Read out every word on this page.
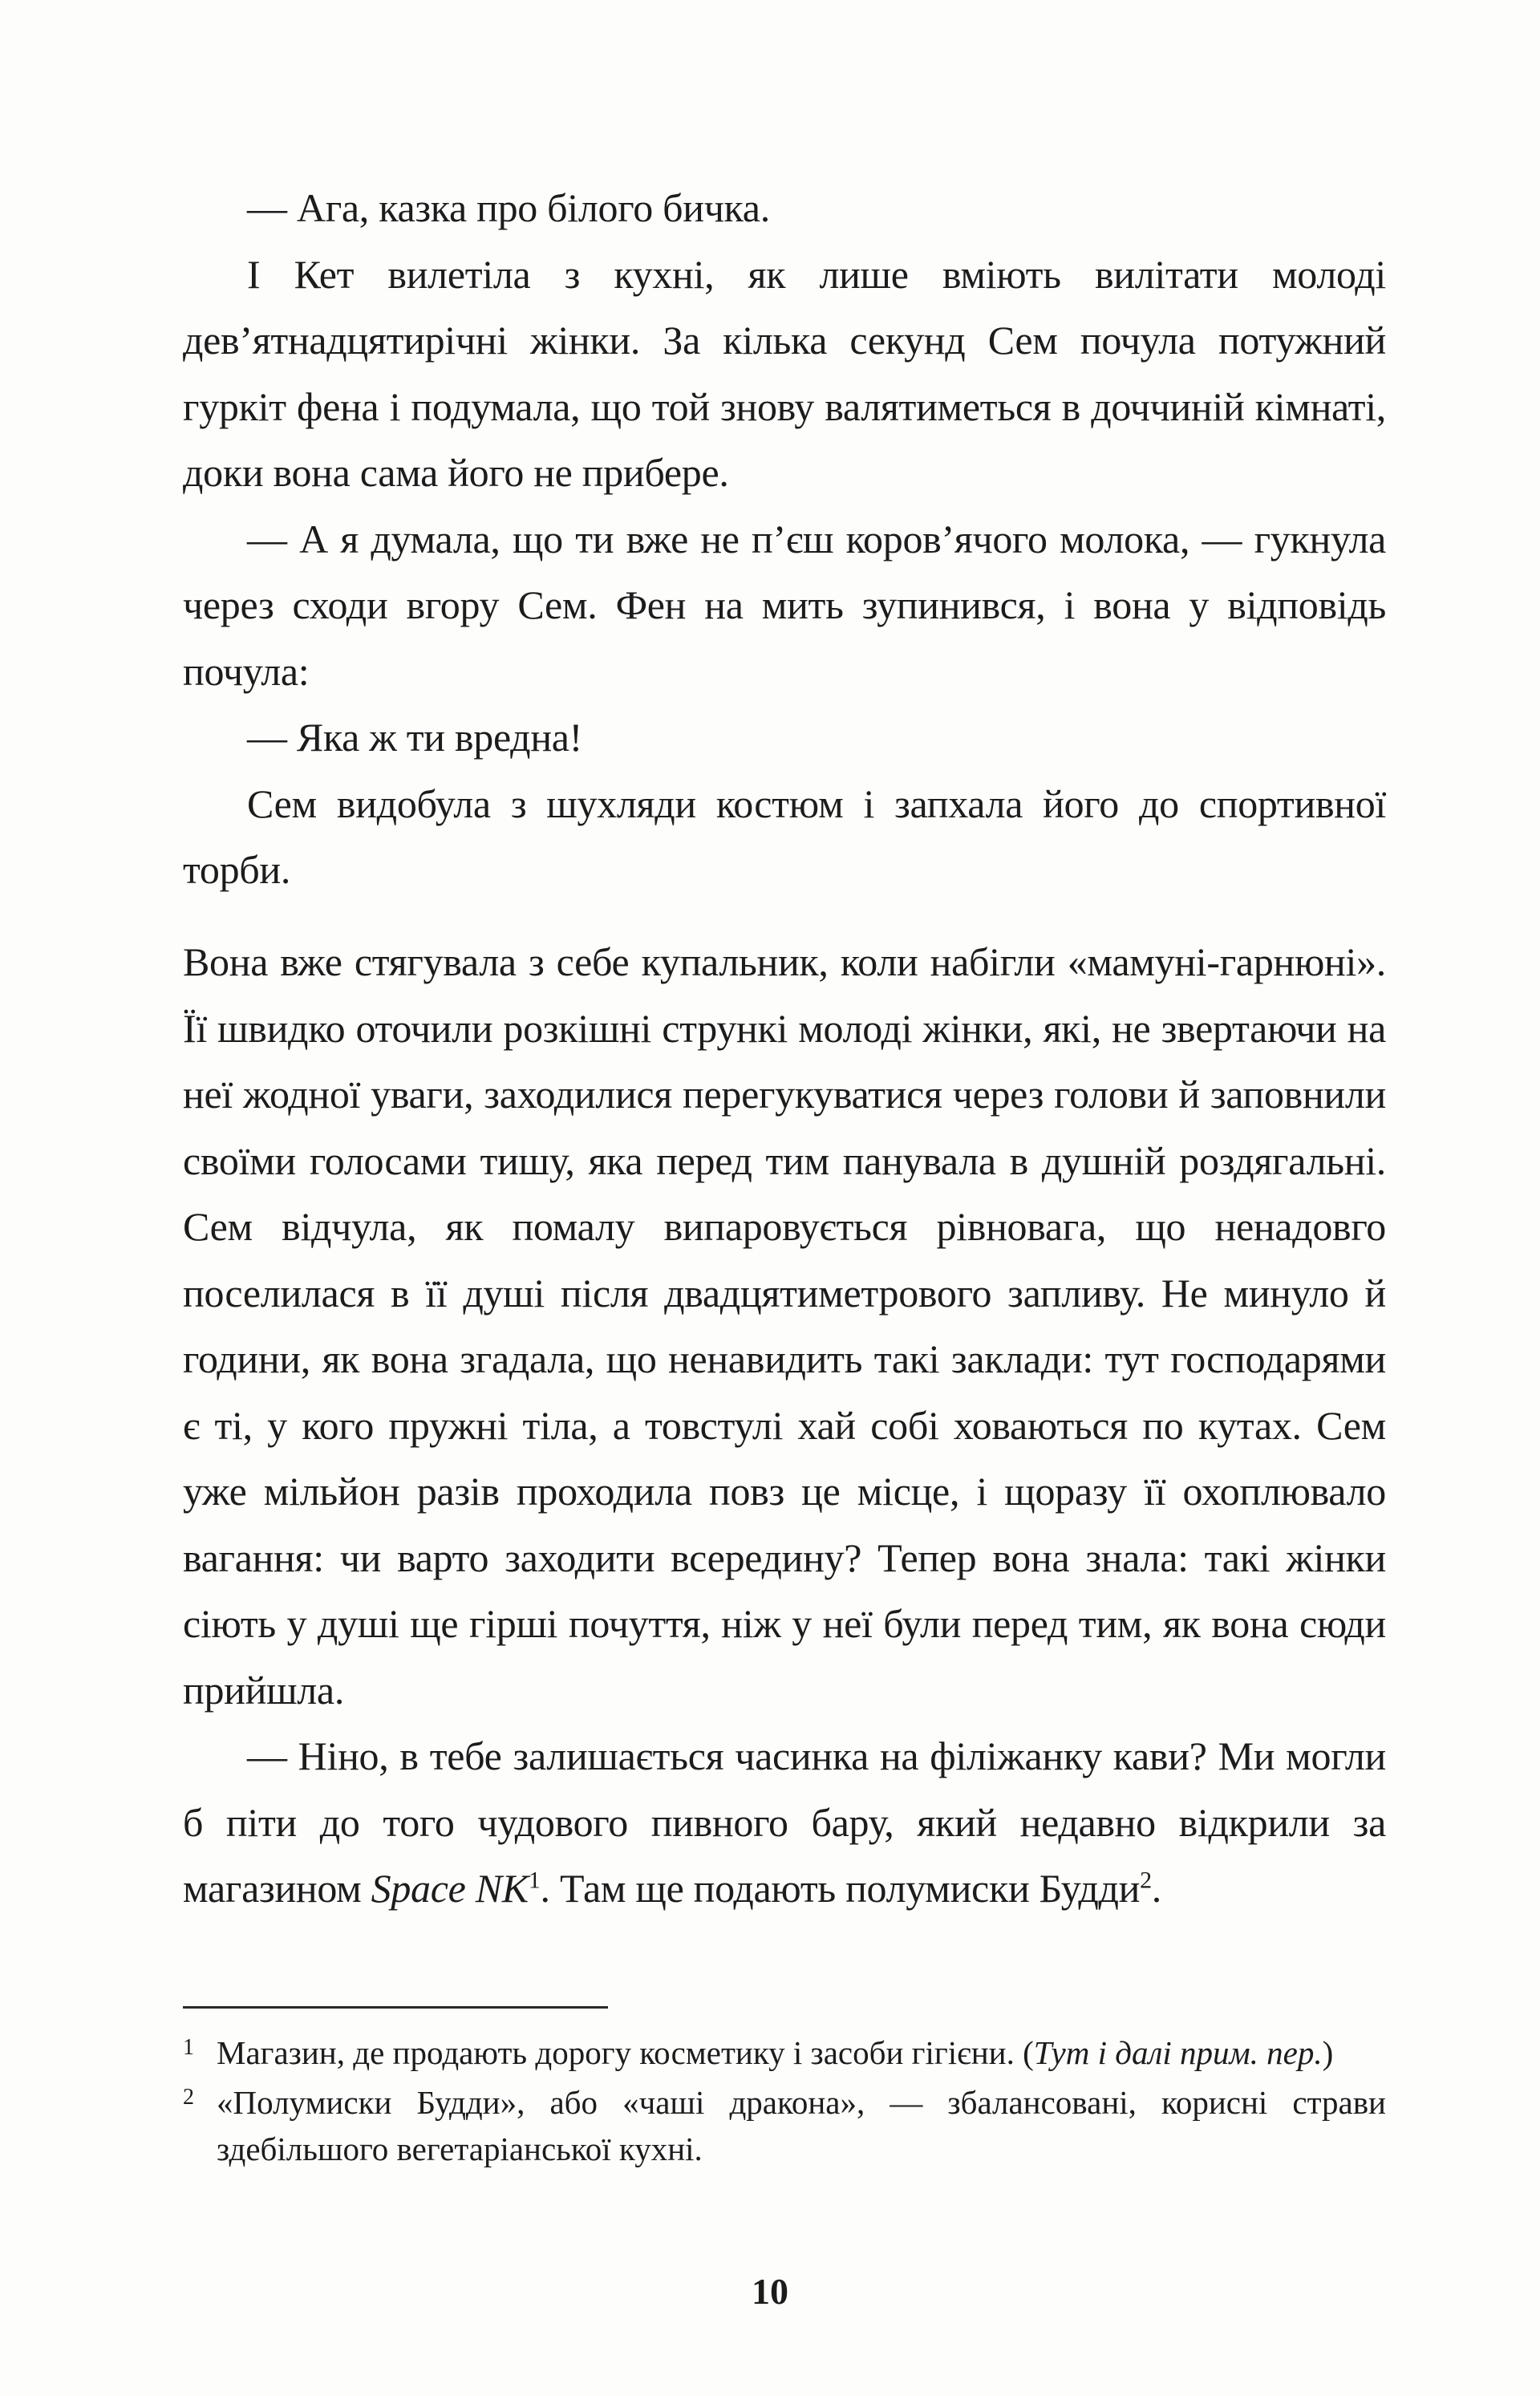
— Ага, казка про білого бичка.

І Кет вилетіла з кухні, як лише вміють вилітати молоді дев’ятнадцятирічні жінки. За кілька секунд Сем почула потужний гуркіт фена і подумала, що той знову валятиметься в доччиній кімнаті, доки вона сама його не прибере.

— А я думала, що ти вже не п’єш коров’ячого молока, — гукнула через сходи вгору Сем. Фен на мить зупинився, і вона у відповідь почула:

— Яка ж ти вредна!

Сем видобула з шухляди костюм і запхала його до спортивної торби.

Вона вже стягувала з себе купальник, коли набігли «мамуні-гарнюні». Її швидко оточили розкішні стрункі молоді жінки, які, не звертаючи на неї жодної уваги, заходилися перегукуватися через голови й заповнили своїми голосами тишу, яка перед тим панувала в душній роздягальні. Сем відчула, як помалу випаровується рівновага, що ненадовго поселилася в її душі після двадцятиметрового запливу. Не минуло й години, як вона згадала, що ненавидить такі заклади: тут господарями є ті, у кого пружні тіла, а товстулі хай собі ховаються по кутах. Сем уже мільйон разів проходила повз це місце, і щоразу її охоплювало вагання: чи варто заходити всередину? Тепер вона знала: такі жінки сіють у душі ще гірші почуття, ніж у неї були перед тим, як вона сюди прийшла.

— Ніно, в тебе залишається часинка на філіжанку кави? Ми могли б піти до того чудового пивного бару, який недавно відкрили за магазином Space $NK^1$. Там ще подають полумиски Будди$^2$.

1 Магазин, де продають дорогу косметику і засоби гігієни. (Тут і далі прим. пер.)

2 «Полумиски Будди», або «чаші дракона», — збалансовані, корисні страви здебільшого вегетаріанської кухні.

10
